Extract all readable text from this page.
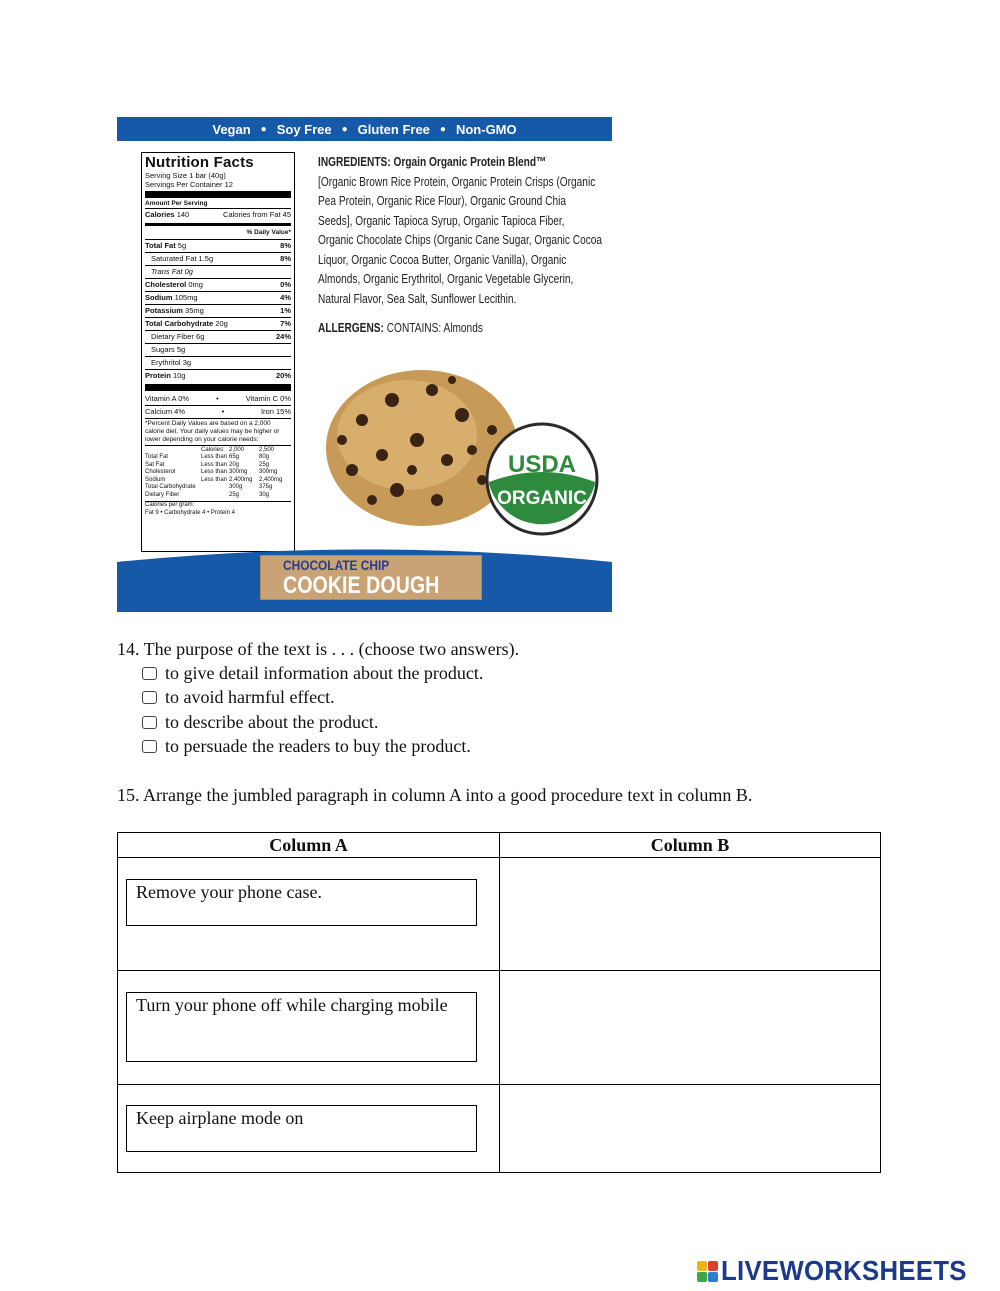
Vegan ● Soy Free ● Gluten Free ● Non-GMO
Nutrition Facts
Serving Size 1 bar (40g)
Servings Per Container 12
Amount Per Serving
Calories 140	Calories from Fat 45
% Daily Value*
Total Fat 5g	8%
Saturated Fat 1.5g	8%
Trans Fat 0g
Cholesterol 0mg	0%
Sodium 105mg	4%
Potassium 35mg	1%
Total Carbohydrate 20g	7%
Dietary Fiber 6g	24%
Sugars 5g
Erythritol 3g
Protein 10g	20%
Vitamin A 0%	•	Vitamin C 0%
Calcium 4%	•	Iron 15%
*Percent Daily Values are based on a 2,000 calorie diet. Your daily values may be higher or lower depending on your calorie needs:
Calories: 2,000	2,500
Total Fat	Less than 65g	80g
Sat Fat	Less than 20g	25g
Cholesterol	Less than 300mg	300mg
Sodium	Less than 2,400mg	2,400mg
Total Carbohydrate	300g	375g
Dietary Fiber	25g	30g
Calories per gram:
Fat 9 • Carbohydrate 4 • Protein 4
INGREDIENTS: Orgain Organic Protein Blend™
[Organic Brown Rice Protein, Organic Protein Crisps (Organic Pea Protein, Organic Rice Flour), Organic Ground Chia Seeds], Organic Tapioca Syrup, Organic Tapioca Fiber, Organic Chocolate Chips (Organic Cane Sugar, Organic Cocoa Liquor, Organic Cocoa Butter, Organic Vanilla), Organic Almonds, Organic Erythritol, Organic Vegetable Glycerin, Natural Flavor, Sea Salt, Sunflower Lecithin.
ALLERGENS: CONTAINS: Almonds
USDA
ORGANIC
CHOCOLATE CHIP
COOKIE DOUGH
14. The purpose of the text is . . . (choose two answers).
to give detail information about the product.
to avoid harmful effect.
to describe about the product.
to persuade the readers to buy the product.
15. Arrange the jumbled paragraph in column A into a good procedure text in column B.
Column A	Column B
Remove your phone case.
Turn your phone off while charging mobile
Keep airplane mode on
LIVEWORKSHEETS
